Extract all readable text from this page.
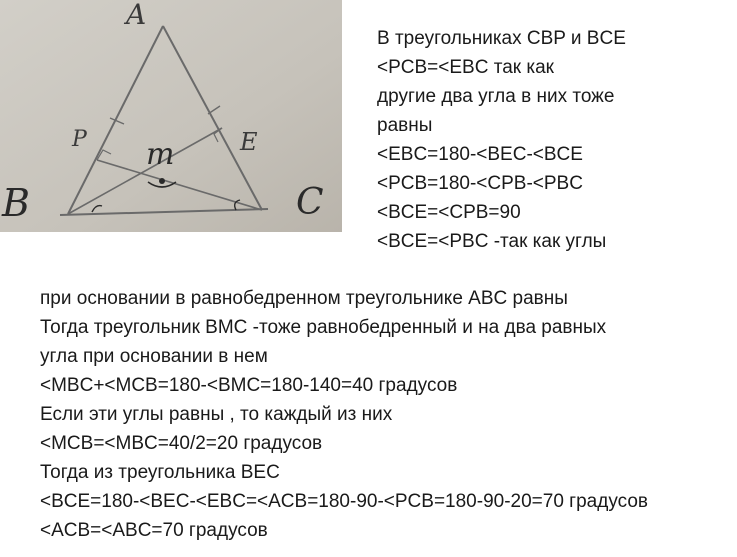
A
B	C
P	E
m
В треугольниках CBP и BCE
<PCB=<EBC так как
другие два угла в них тоже
равны
<EBC=180-<BEC-<BCE
<PCB=180-<CPB-<PBC
<BCE=<CPB=90
<BCE=<PBC -так как углы
при основании в равнобедренном треугольнике ABC равны
Тогда треугольник BMC -тоже равнобедренный и на два равных
угла при основании в нем
<MBC+<MCB=180-<BMC=180-140=40 градусов
Если эти углы равны , то каждый из них
<MCB=<MBC=40/2=20 градусов
Тогда из треугольника BEC
<BCE=180-<BEC-<EBC=<ACB=180-90-<PCB=180-90-20=70 градусов
<ACB=<ABC=70 градусов
